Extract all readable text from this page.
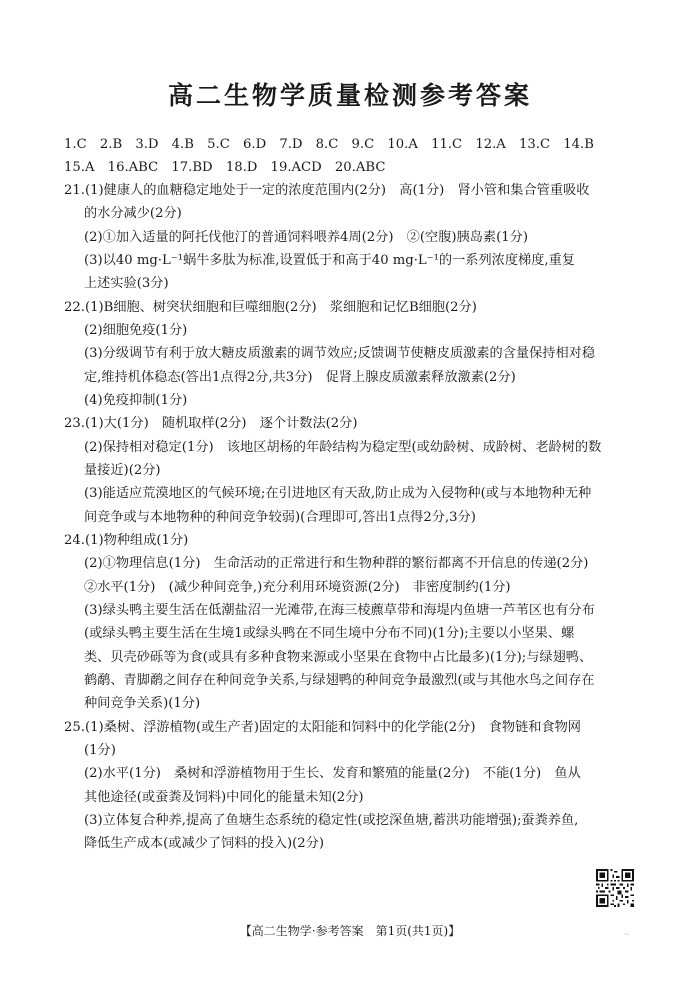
高二生物学质量检测参考答案
1.C　2.B　3.D　4.B　5.C　6.D　7.D　8.C　9.C　10.A　11.C　12.A　13.C　14.B
15.A　16.ABC　17.BD　18.D　19.ACD　20.ABC
21.(1)健康人的血糖稳定地处于一定的浓度范围内(2分)　高(1分)　肾小管和集合管重吸收
的水分减少(2分)
(2)①加入适量的阿托伐他汀的普通饲料喂养4周(2分)　②(空腹)胰岛素(1分)
(3)以40 mg·L⁻¹蜗牛多肽为标准,设置低于和高于40 mg·L⁻¹的一系列浓度梯度,重复
上述实验(3分)
22.(1)B细胞、树突状细胞和巨噬细胞(2分)　浆细胞和记忆B细胞(2分)
(2)细胞免疫(1分)
(3)分级调节有利于放大糖皮质激素的调节效应;反馈调节使糖皮质激素的含量保持相对稳
定,维持机体稳态(答出1点得2分,共3分)　促肾上腺皮质激素释放激素(2分)
(4)免疫抑制(1分)
23.(1)大(1分)　随机取样(2分)　逐个计数法(2分)
(2)保持相对稳定(1分)　该地区胡杨的年龄结构为稳定型(或幼龄树、成龄树、老龄树的数
量接近)(2分)
(3)能适应荒漠地区的气候环境;在引进地区有天敌,防止成为入侵物种(或与本地物种无种
间竞争或与本地物种的种间竞争较弱)(合理即可,答出1点得2分,3分)
24.(1)物种组成(1分)
(2)①物理信息(1分)　生命活动的正常进行和生物种群的繁衍都离不开信息的传递(2分)
②水平(1分)　(减少种间竞争,)充分利用环境资源(2分)　非密度制约(1分)
(3)绿头鸭主要生活在低潮盐沼一光滩带,在海三棱藨草带和海堤内鱼塘一芦苇区也有分布
(或绿头鸭主要生活在生境1或绿头鸭在不同生境中分布不同)(1分);主要以小坚果、螺
类、贝壳砂砾等为食(或具有多种食物来源或小坚果在食物中占比最多)(1分);与绿翅鸭、
鹤鹬、青脚鹬之间存在种间竞争关系,与绿翅鸭的种间竞争最激烈(或与其他水鸟之间存在
种间竞争关系)(1分)
25.(1)桑树、浮游植物(或生产者)固定的太阳能和饲料中的化学能(2分)　食物链和食物网
(1分)
(2)水平(1分)　桑树和浮游植物用于生长、发育和繁殖的能量(2分)　不能(1分)　鱼从
其他途径(或蚕粪及饲料)中同化的能量未知(2分)
(3)立体复合种养,提高了鱼塘生态系统的稳定性(或挖深鱼塘,蓄洪功能增强);蚕粪养鱼,
降低生产成本(或减少了饲料的投入)(2分)
【高二生物学·参考答案　第1页(共1页)】	··
